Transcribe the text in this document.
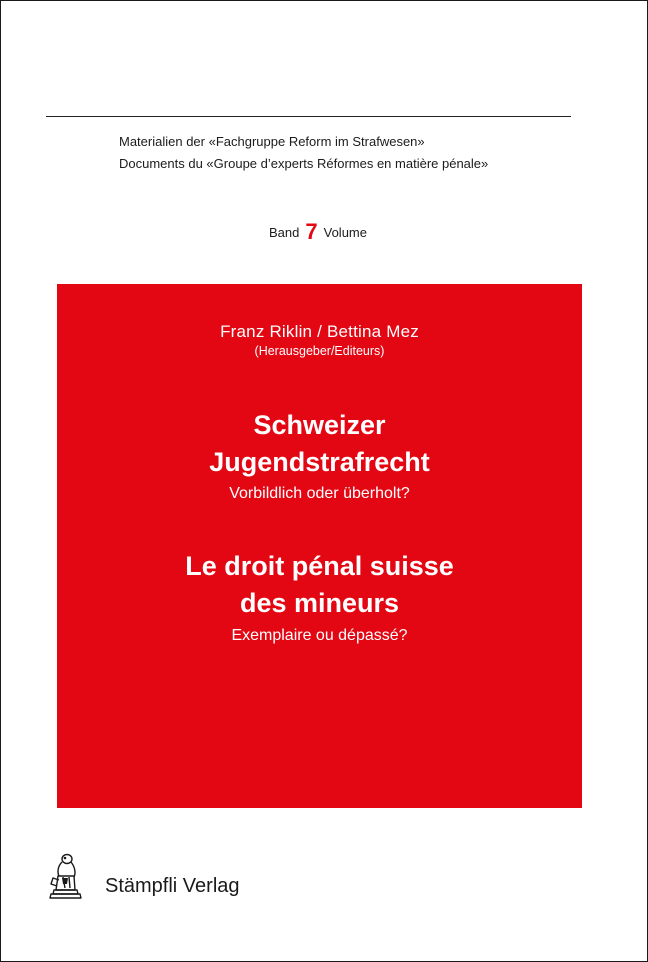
Materialien der «Fachgruppe Reform im Strafwesen»
Documents du «Groupe d’experts Réformes en matière pénale»
Band 7 Volume
Franz Riklin / Bettina Mez
(Herausgeber/Editeurs)
Schweizer
Jugendstrafrecht
Vorbildlich oder überholt?
Le droit pénal suisse
des mineurs
Exemplaire ou dépassé?
Stämpfli Verlag
